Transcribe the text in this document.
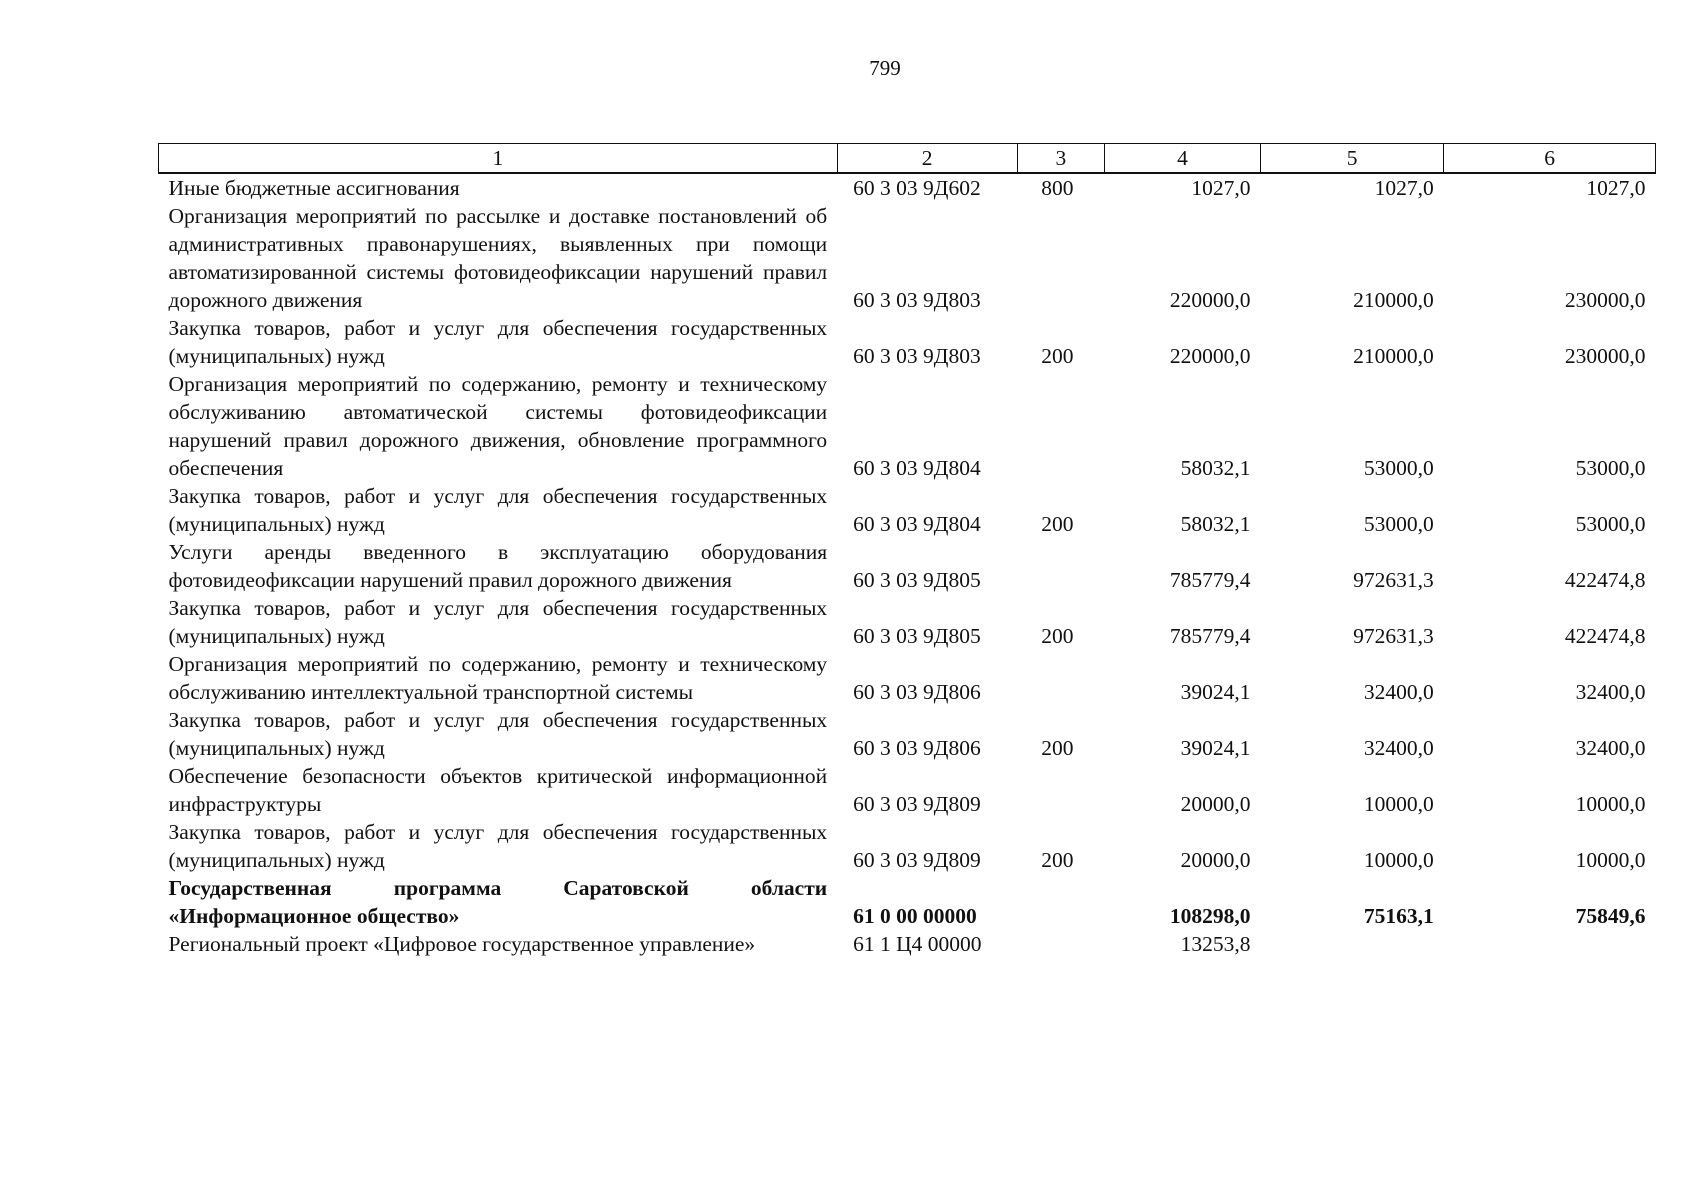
799
1	2	3	4	5	6
Иные бюджетные ассигнования	60 3 03 9Д602	800	1027,0	1027,0	1027,0
Организация мероприятий по рассылке и доставке постановлений об административных правонарушениях, выявленных при помощи автоматизированной системы фотовидеофиксации нарушений правил дорожного движения	60 3 03 9Д803		220000,0	210000,0	230000,0
Закупка товаров, работ и услуг для обеспечения государственных (муниципальных) нужд	60 3 03 9Д803	200	220000,0	210000,0	230000,0
Организация мероприятий по содержанию, ремонту и техническому обслуживанию автоматической системы фотовидеофиксации нарушений правил дорожного движения, обновление программного обеспечения	60 3 03 9Д804		58032,1	53000,0	53000,0
Закупка товаров, работ и услуг для обеспечения государственных (муниципальных) нужд	60 3 03 9Д804	200	58032,1	53000,0	53000,0
Услуги аренды введенного в эксплуатацию оборудования фотовидеофиксации нарушений правил дорожного движения	60 3 03 9Д805		785779,4	972631,3	422474,8
Закупка товаров, работ и услуг для обеспечения государственных (муниципальных) нужд	60 3 03 9Д805	200	785779,4	972631,3	422474,8
Организация мероприятий по содержанию, ремонту и техническому обслуживанию интеллектуальной транспортной системы	60 3 03 9Д806		39024,1	32400,0	32400,0
Закупка товаров, работ и услуг для обеспечения государственных (муниципальных) нужд	60 3 03 9Д806	200	39024,1	32400,0	32400,0
Обеспечение безопасности объектов критической информационной инфраструктуры	60 3 03 9Д809		20000,0	10000,0	10000,0
Закупка товаров, работ и услуг для обеспечения государственных (муниципальных) нужд	60 3 03 9Д809	200	20000,0	10000,0	10000,0
Государственная программа Саратовской области «Информационное общество»	61 0 00 00000		108298,0	75163,1	75849,6
Региональный проект «Цифровое государственное управление»	61 1 Ц4 00000		13253,8		
